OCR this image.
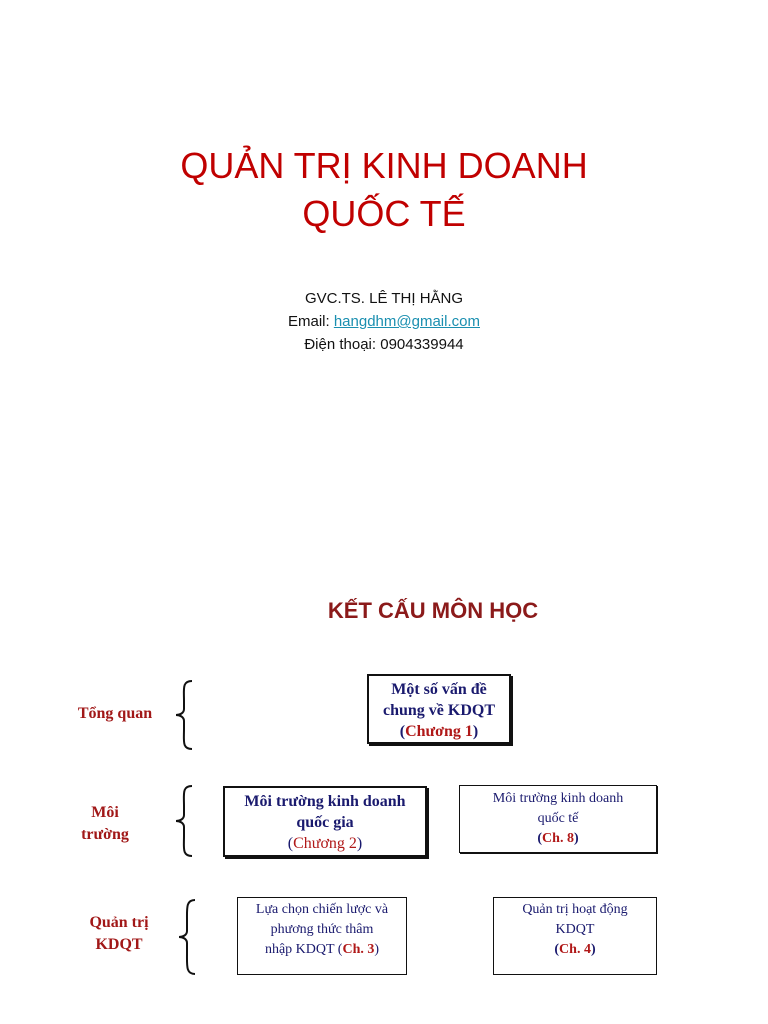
QUẢN TRỊ KINH DOANH
QUỐC TẾ
GVC.TS. LÊ THỊ HẰNG
Email: hangdhm@gmail.com
Điện thoại: 0904339944
KẾT CẤU MÔN HỌC
Tổng quan
Một số vấn đề
chung về KDQT
(Chương 1)
Môi
trường
Môi trường kinh doanh
quốc gia
(Chương 2)
Môi trường kinh doanh
quốc tế
(Ch. 8)
Quản trị
KDQT
Lựa chọn chiến lược và
phương thức thâm
nhập KDQT (Ch. 3)
Quản trị hoạt động
KDQT
(Ch. 4)
